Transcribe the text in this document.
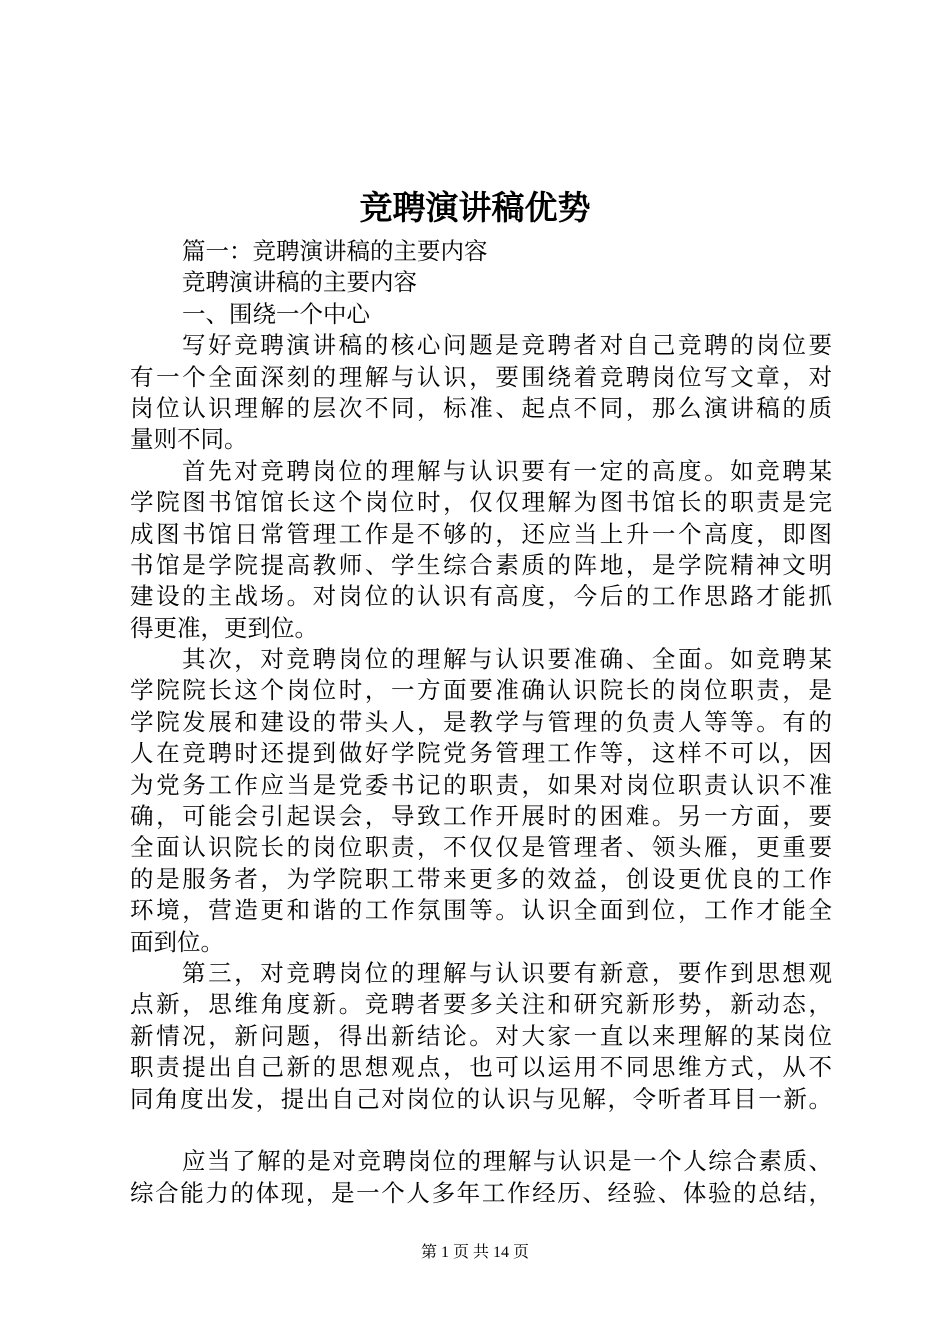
竞聘演讲稿优势
篇一：竞聘演讲稿的主要内容
竞聘演讲稿的主要内容
一、围绕一个中心
写好竞聘演讲稿的核心问题是竞聘者对自己竞聘的岗位要
有一个全面深刻的理解与认识，要围绕着竞聘岗位写文章，对
岗位认识理解的层次不同，标准、起点不同，那么演讲稿的质
量则不同。
首先对竞聘岗位的理解与认识要有一定的高度。如竞聘某
学院图书馆馆长这个岗位时，仅仅理解为图书馆长的职责是完
成图书馆日常管理工作是不够的，还应当上升一个高度，即图
书馆是学院提高教师、学生综合素质的阵地，是学院精神文明
建设的主战场。对岗位的认识有高度，今后的工作思路才能抓
得更准，更到位。
其次，对竞聘岗位的理解与认识要准确、全面。如竞聘某
学院院长这个岗位时，一方面要准确认识院长的岗位职责，是
学院发展和建设的带头人，是教学与管理的负责人等等。有的
人在竞聘时还提到做好学院党务管理工作等，这样不可以，因
为党务工作应当是党委书记的职责，如果对岗位职责认识不准
确，可能会引起误会，导致工作开展时的困难。另一方面，要
全面认识院长的岗位职责，不仅仅是管理者、领头雁，更重要
的是服务者，为学院职工带来更多的效益，创设更优良的工作
环境，营造更和谐的工作氛围等。认识全面到位，工作才能全
面到位。
第三，对竞聘岗位的理解与认识要有新意，要作到思想观
点新，思维角度新。竞聘者要多关注和研究新形势，新动态，
新情况，新问题，得出新结论。对大家一直以来理解的某岗位
职责提出自己新的思想观点，也可以运用不同思维方式，从不
同角度出发，提出自己对岗位的认识与见解，令听者耳目一新。
应当了解的是对竞聘岗位的理解与认识是一个人综合素质、
综合能力的体现，是一个人多年工作经历、经验、体验的总结，
第 1 页 共 14 页
